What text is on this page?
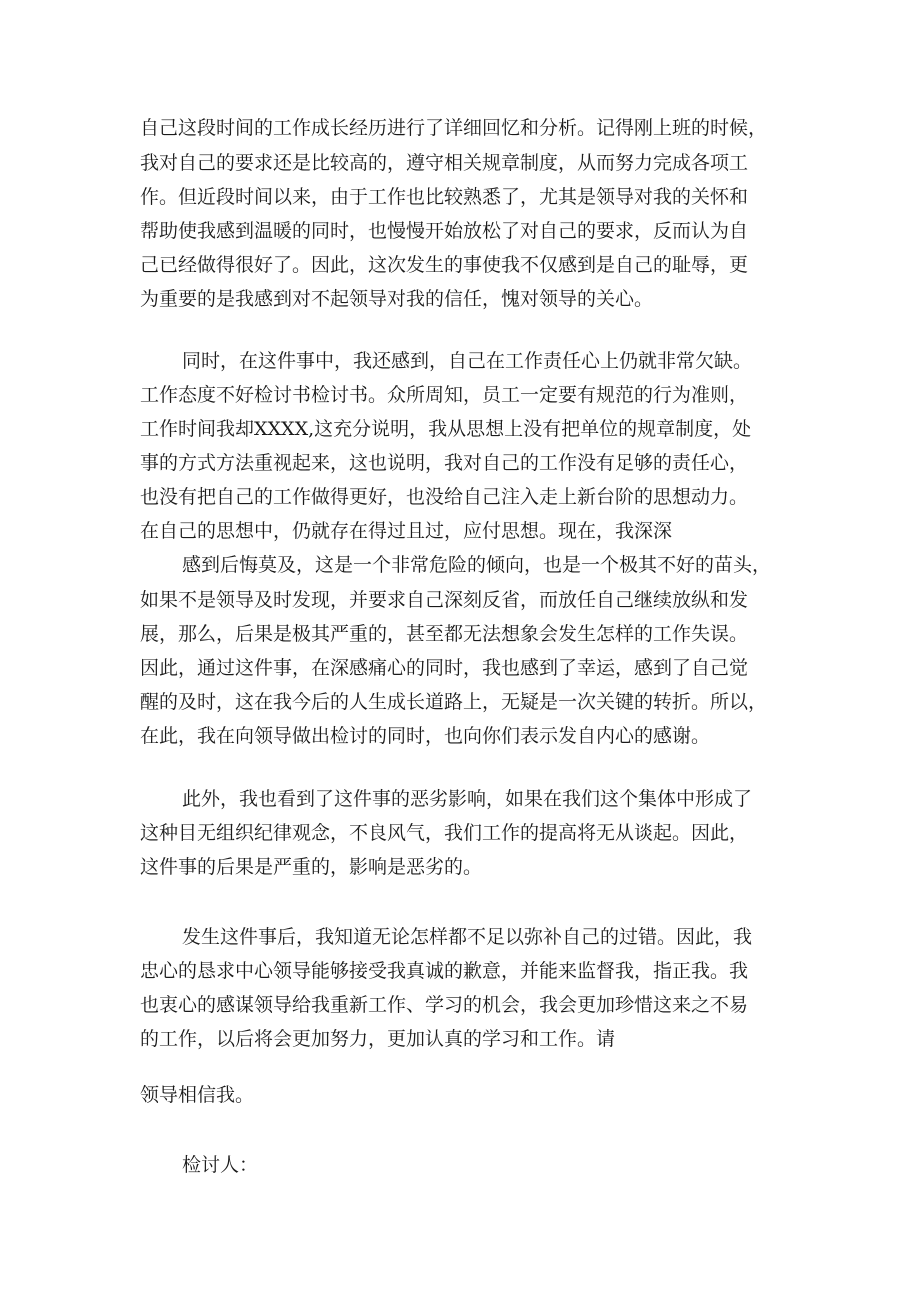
自己这段时间的工作成长经历进行了详细回忆和分析。记得刚上班的时候，
我对自己的要求还是比较高的，遵守相关规章制度，从而努力完成各项工
作。但近段时间以来，由于工作也比较熟悉了，尤其是领导对我的关怀和
帮助使我感到温暖的同时，也慢慢开始放松了对自己的要求，反而认为自
己已经做得很好了。因此，这次发生的事使我不仅感到是自己的耻辱，更
为重要的是我感到对不起领导对我的信任，愧对领导的关心。
同时，在这件事中，我还感到，自己在工作责任心上仍就非常欠缺。
工作态度不好检讨书检讨书。众所周知，员工一定要有规范的行为准则，
工作时间我却XXXX,这充分说明，我从思想上没有把单位的规章制度，处
事的方式方法重视起来，这也说明，我对自己的工作没有足够的责任心，
也没有把自己的工作做得更好，也没给自己注入走上新台阶的思想动力。
在自己的思想中，仍就存在得过且过，应付思想。现在，我深深
感到后悔莫及，这是一个非常危险的倾向，也是一个极其不好的苗头，
如果不是领导及时发现，并要求自己深刻反省，而放任自己继续放纵和发
展，那么，后果是极其严重的，甚至都无法想象会发生怎样的工作失误。
因此，通过这件事，在深感痛心的同时，我也感到了幸运，感到了自己觉
醒的及时，这在我今后的人生成长道路上，无疑是一次关键的转折。所以，
在此，我在向领导做出检讨的同时，也向你们表示发自内心的感谢。
此外，我也看到了这件事的恶劣影响，如果在我们这个集体中形成了
这种目无组织纪律观念，不良风气，我们工作的提高将无从谈起。因此，
这件事的后果是严重的，影响是恶劣的。
发生这件事后，我知道无论怎样都不足以弥补自己的过错。因此，我
忠心的恳求中心领导能够接受我真诚的歉意，并能来监督我，指正我。我
也衷心的感谋领导给我重新工作、学习的机会，我会更加珍惜这来之不易
的工作，以后将会更加努力，更加认真的学习和工作。请
领导相信我。
检讨人：
